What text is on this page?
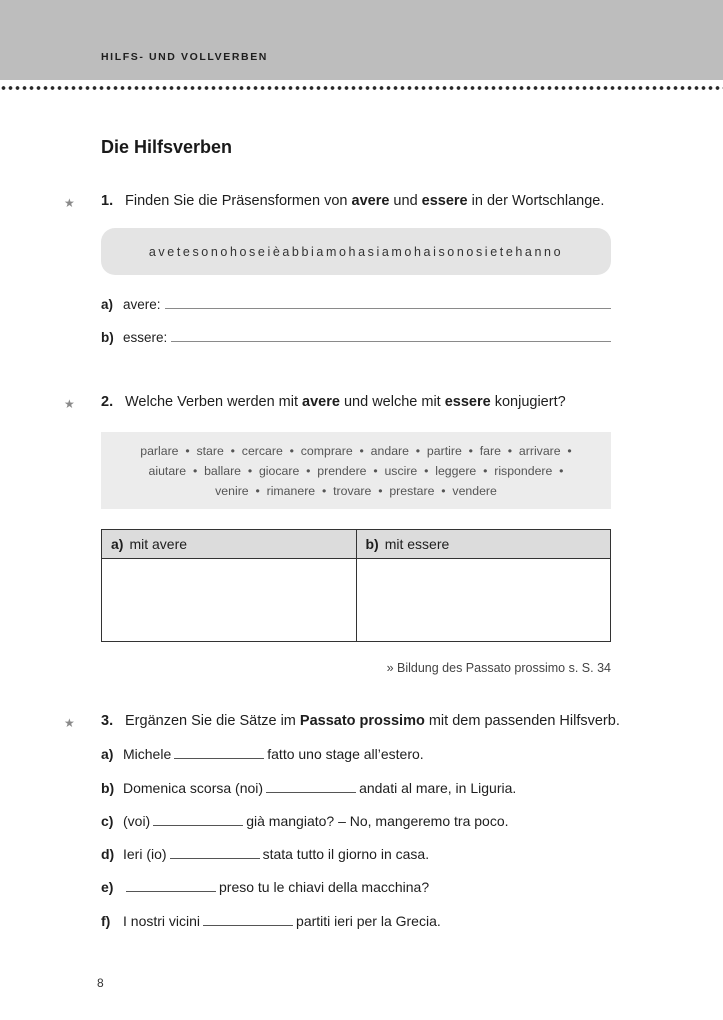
HILFS- UND VOLLVERBEN
Die Hilfsverben
★ 1. Finden Sie die Präsensformen von avere und essere in der Wortschlange.
avetesonohoseièabbiamohasiamohaisonosietehanno
a) avere:
b) essere:
★ 2. Welche Verben werden mit avere und welche mit essere konjugiert?
parlare  •  stare  •  cercare  •  comprare  •  andare  •  partire  •  fare  •  arrivare  •
aiutare  •  ballare  •  giocare  •  prendere  •  uscire  •  leggere  •  rispondere  •
venire  •  rimanere  •  trovare  •  prestare  •  vendere
a) mit avere	b) mit essere

» Bildung des Passato prossimo s. S. 34
★ 3. Ergänzen Sie die Sätze im Passato prossimo mit dem passenden Hilfsverb.
a) Michele	fatto uno stage all’estero.
b) Domenica scorsa (noi)	andati al mare, in Liguria.
c) (voi)	già mangiato? – No, mangeremo tra poco.
d) Ieri (io)	stata tutto il giorno in casa.
e)	preso tu le chiavi della macchina?
f) I nostri vicini	partiti ieri per la Grecia.
8
